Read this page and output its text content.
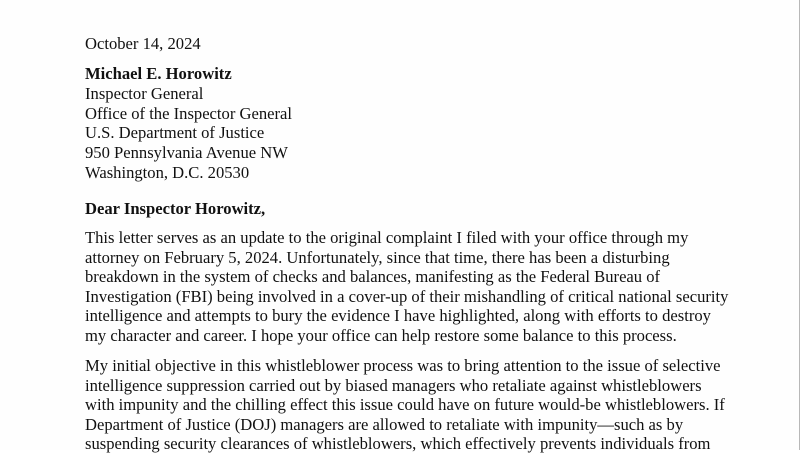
October 14, 2024
Michael E. Horowitz
Inspector General
Office of the Inspector General
U.S. Department of Justice
950 Pennsylvania Avenue NW
Washington, D.C. 20530
Dear Inspector Horowitz,
This letter serves as an update to the original complaint I filed with your office through my
attorney on February 5, 2024. Unfortunately, since that time, there has been a disturbing
breakdown in the system of checks and balances, manifesting as the Federal Bureau of
Investigation (FBI) being involved in a cover-up of their mishandling of critical national security
intelligence and attempts to bury the evidence I have highlighted, along with efforts to destroy
my character and career. I hope your office can help restore some balance to this process.
My initial objective in this whistleblower process was to bring attention to the issue of selective
intelligence suppression carried out by biased managers who retaliate against whistleblowers
with impunity and the chilling effect this issue could have on future would-be whistleblowers. If
Department of Justice (DOJ) managers are allowed to retaliate with impunity—such as by
suspending security clearances of whistleblowers, which effectively prevents individuals from
